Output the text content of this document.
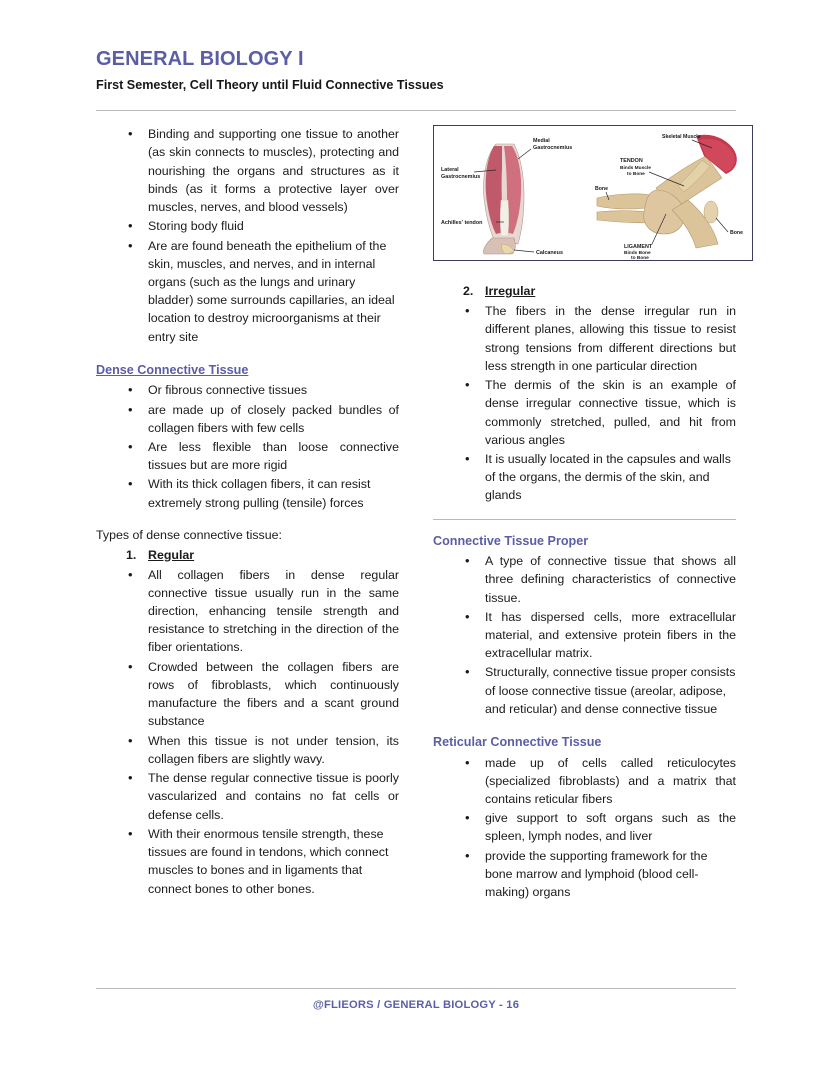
GENERAL BIOLOGY I
First Semester, Cell Theory until Fluid Connective Tissues
• Binding and supporting one tissue to another (as skin connects to muscles), protecting and nourishing the organs and structures as it binds (as it forms a protective layer over muscles, nerves, and blood vessels)
• Storing body fluid
• Are are found beneath the epithelium of the skin, muscles, and nerves, and in internal organs (such as the lungs and urinary bladder) some surrounds capillaries, an ideal location to destroy microorganisms at their entry site
Dense Connective Tissue
• Or fibrous connective tissues
• are made up of closely packed bundles of collagen fibers with few cells
• Are less flexible than loose connective tissues but are more rigid
• With its thick collagen fibers, it can resist extremely strong pulling (tensile) forces
Types of dense connective tissue:
1. Regular
• All collagen fibers in dense regular connective tissue usually run in the same direction, enhancing tensile strength and resistance to stretching in the direction of the fiber orientations.
• Crowded between the collagen fibers are rows of fibroblasts, which continuously manufacture the fibers and a scant ground substance
• When this tissue is not under tension, its collagen fibers are slightly wavy.
• The dense regular connective tissue is poorly vascularized and contains no fat cells or defense cells.
• With their enormous tensile strength, these tissues are found in tendons, which connect muscles to bones and in ligaments that connect bones to other bones.
Medial
Gastrocnemius
Lateral
Gastrocnemius
Achilles' tendon
Calcaneus
Skeletal Muscle
TENDON
Binds Muscle
to Bone
Bone
Bone
LIGAMENT
Binds Bone
to Bone
2. Irregular
• The fibers in the dense irregular run in different planes, allowing this tissue to resist strong tensions from different directions but less strength in one particular direction
• The dermis of the skin is an example of dense irregular connective tissue, which is commonly stretched, pulled, and hit from various angles
• It is usually located in the capsules and walls of the organs, the dermis of the skin, and glands
Connective Tissue Proper
• A type of connective tissue that shows all three defining characteristics of connective tissue.
• It has dispersed cells, more extracellular material, and extensive protein fibers in the extracellular matrix.
• Structurally, connective tissue proper consists of loose connective tissue (areolar, adipose, and reticular) and dense connective tissue
Reticular Connective Tissue
• made up of cells called reticulocytes (specialized fibroblasts) and a matrix that contains reticular fibers
• give support to soft organs such as the spleen, lymph nodes, and liver
• provide the supporting framework for the bone marrow and lymphoid (blood cell-making) organs
@FLIEORS / GENERAL BIOLOGY - 16
